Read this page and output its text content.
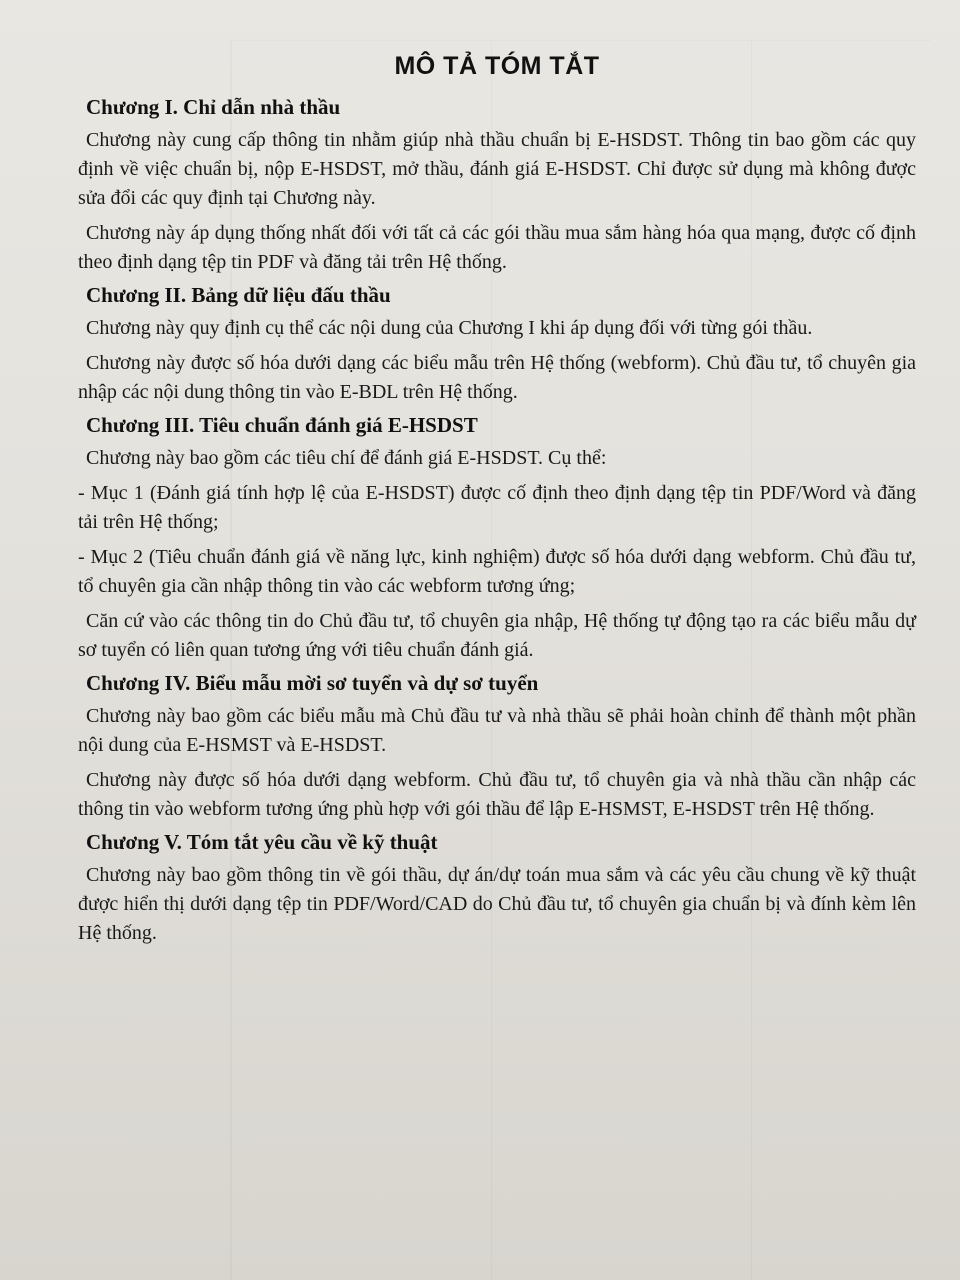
MÔ TẢ TÓM TẮT
Chương I. Chỉ dẫn nhà thầu

Chương này cung cấp thông tin nhằm giúp nhà thầu chuẩn bị E-HSDST. Thông tin bao gồm các quy định về việc chuẩn bị, nộp E-HSDST, mở thầu, đánh giá E-HSDST. Chỉ được sử dụng mà không được sửa đổi các quy định tại Chương này.

Chương này áp dụng thống nhất đối với tất cả các gói thầu mua sắm hàng hóa qua mạng, được cố định theo định dạng tệp tin PDF và đăng tải trên Hệ thống.

Chương II. Bảng dữ liệu đấu thầu

Chương này quy định cụ thể các nội dung của Chương I khi áp dụng đối với từng gói thầu.

Chương này được số hóa dưới dạng các biểu mẫu trên Hệ thống (webform). Chủ đầu tư, tổ chuyên gia nhập các nội dung thông tin vào E-BDL trên Hệ thống.

Chương III. Tiêu chuẩn đánh giá E-HSDST

Chương này bao gồm các tiêu chí để đánh giá E-HSDST. Cụ thể:

- Mục 1 (Đánh giá tính hợp lệ của E-HSDST) được cố định theo định dạng tệp tin PDF/Word và đăng tải trên Hệ thống;

- Mục 2 (Tiêu chuẩn đánh giá về năng lực, kinh nghiệm) được số hóa dưới dạng webform. Chủ đầu tư, tổ chuyên gia cần nhập thông tin vào các webform tương ứng;

Căn cứ vào các thông tin do Chủ đầu tư, tổ chuyên gia nhập, Hệ thống tự động tạo ra các biểu mẫu dự sơ tuyển có liên quan tương ứng với tiêu chuẩn đánh giá.

Chương IV. Biểu mẫu mời sơ tuyển và dự sơ tuyển

Chương này bao gồm các biểu mẫu mà Chủ đầu tư và nhà thầu sẽ phải hoàn chỉnh để thành một phần nội dung của E-HSMST và E-HSDST.

Chương này được số hóa dưới dạng webform. Chủ đầu tư, tổ chuyên gia và nhà thầu cần nhập các thông tin vào webform tương ứng phù hợp với gói thầu để lập E-HSMST, E-HSDST trên Hệ thống.

Chương V. Tóm tắt yêu cầu về kỹ thuật

Chương này bao gồm thông tin về gói thầu, dự án/dự toán mua sắm và các yêu cầu chung về kỹ thuật được hiển thị dưới dạng tệp tin PDF/Word/CAD do Chủ đầu tư, tổ chuyên gia chuẩn bị và đính kèm lên Hệ thống.
